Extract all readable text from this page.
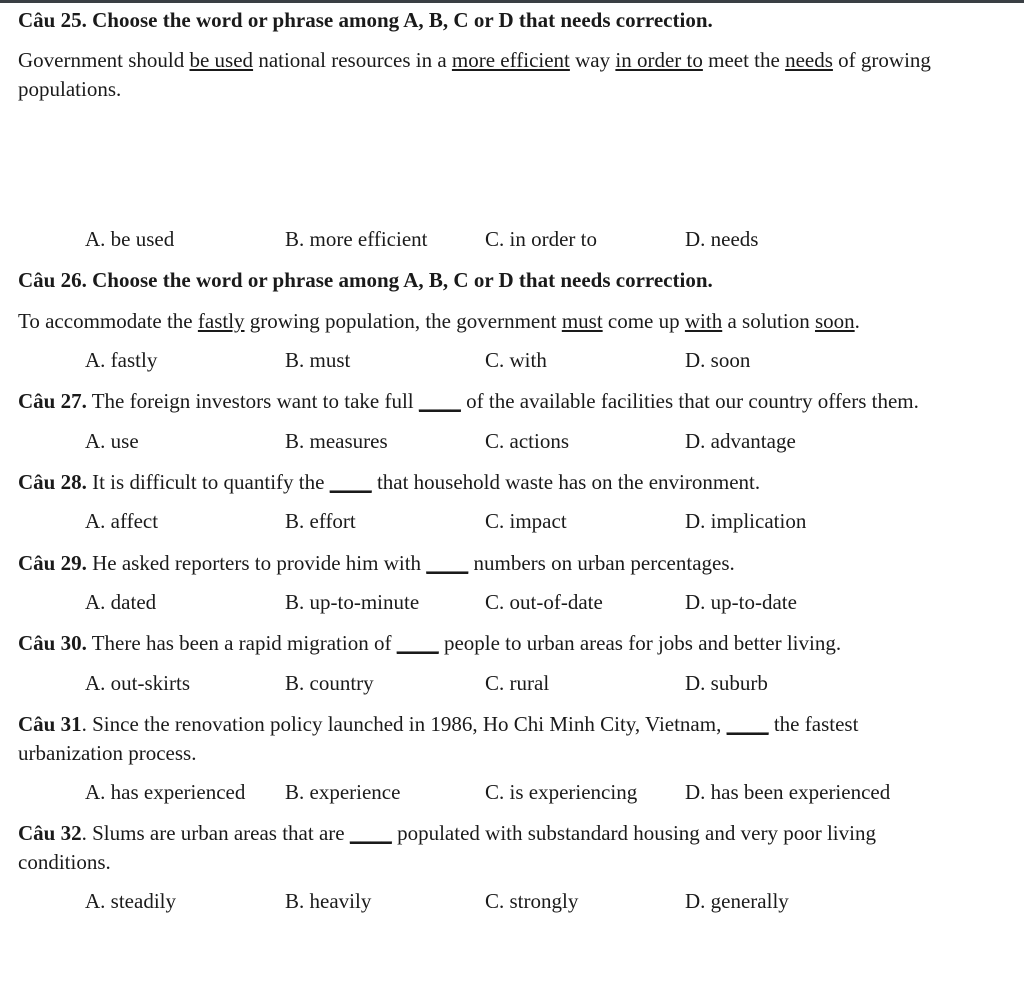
Câu 25. Choose the word or phrase among A, B, C or D that needs correction.

Government should be used national resources in a more efficient way in order to meet the needs of growing populations.

A. be used	B. more efficient	C. in order to	D. needs

Câu 26. Choose the word or phrase among A, B, C or D that needs correction.

To accommodate the fastly growing population, the government must come up with a solution soon.

A. fastly	B. must	C. with	D. soon

Câu 27. The foreign investors want to take full ____ of the available facilities that our country offers them.

A. use	B. measures	C. actions	D. advantage

Câu 28. It is difficult to quantify the ____ that household waste has on the environment.

A. affect	B. effort	C. impact	D. implication

Câu 29. He asked reporters to provide him with ____ numbers on urban percentages.

A. dated	B. up-to-minute	C. out-of-date	D. up-to-date

Câu 30. There has been a rapid migration of ____ people to urban areas for jobs and better living.

A. out-skirts	B. country	C. rural	D. suburb

Câu 31. Since the renovation policy launched in 1986, Ho Chi Minh City, Vietnam, ____ the fastest urbanization process.

A. has experienced	B. experience	C. is experiencing	D. has been experienced

Câu 32. Slums are urban areas that are ____ populated with substandard housing and very poor living conditions.

A. steadily	B. heavily	C. strongly	D. generally
